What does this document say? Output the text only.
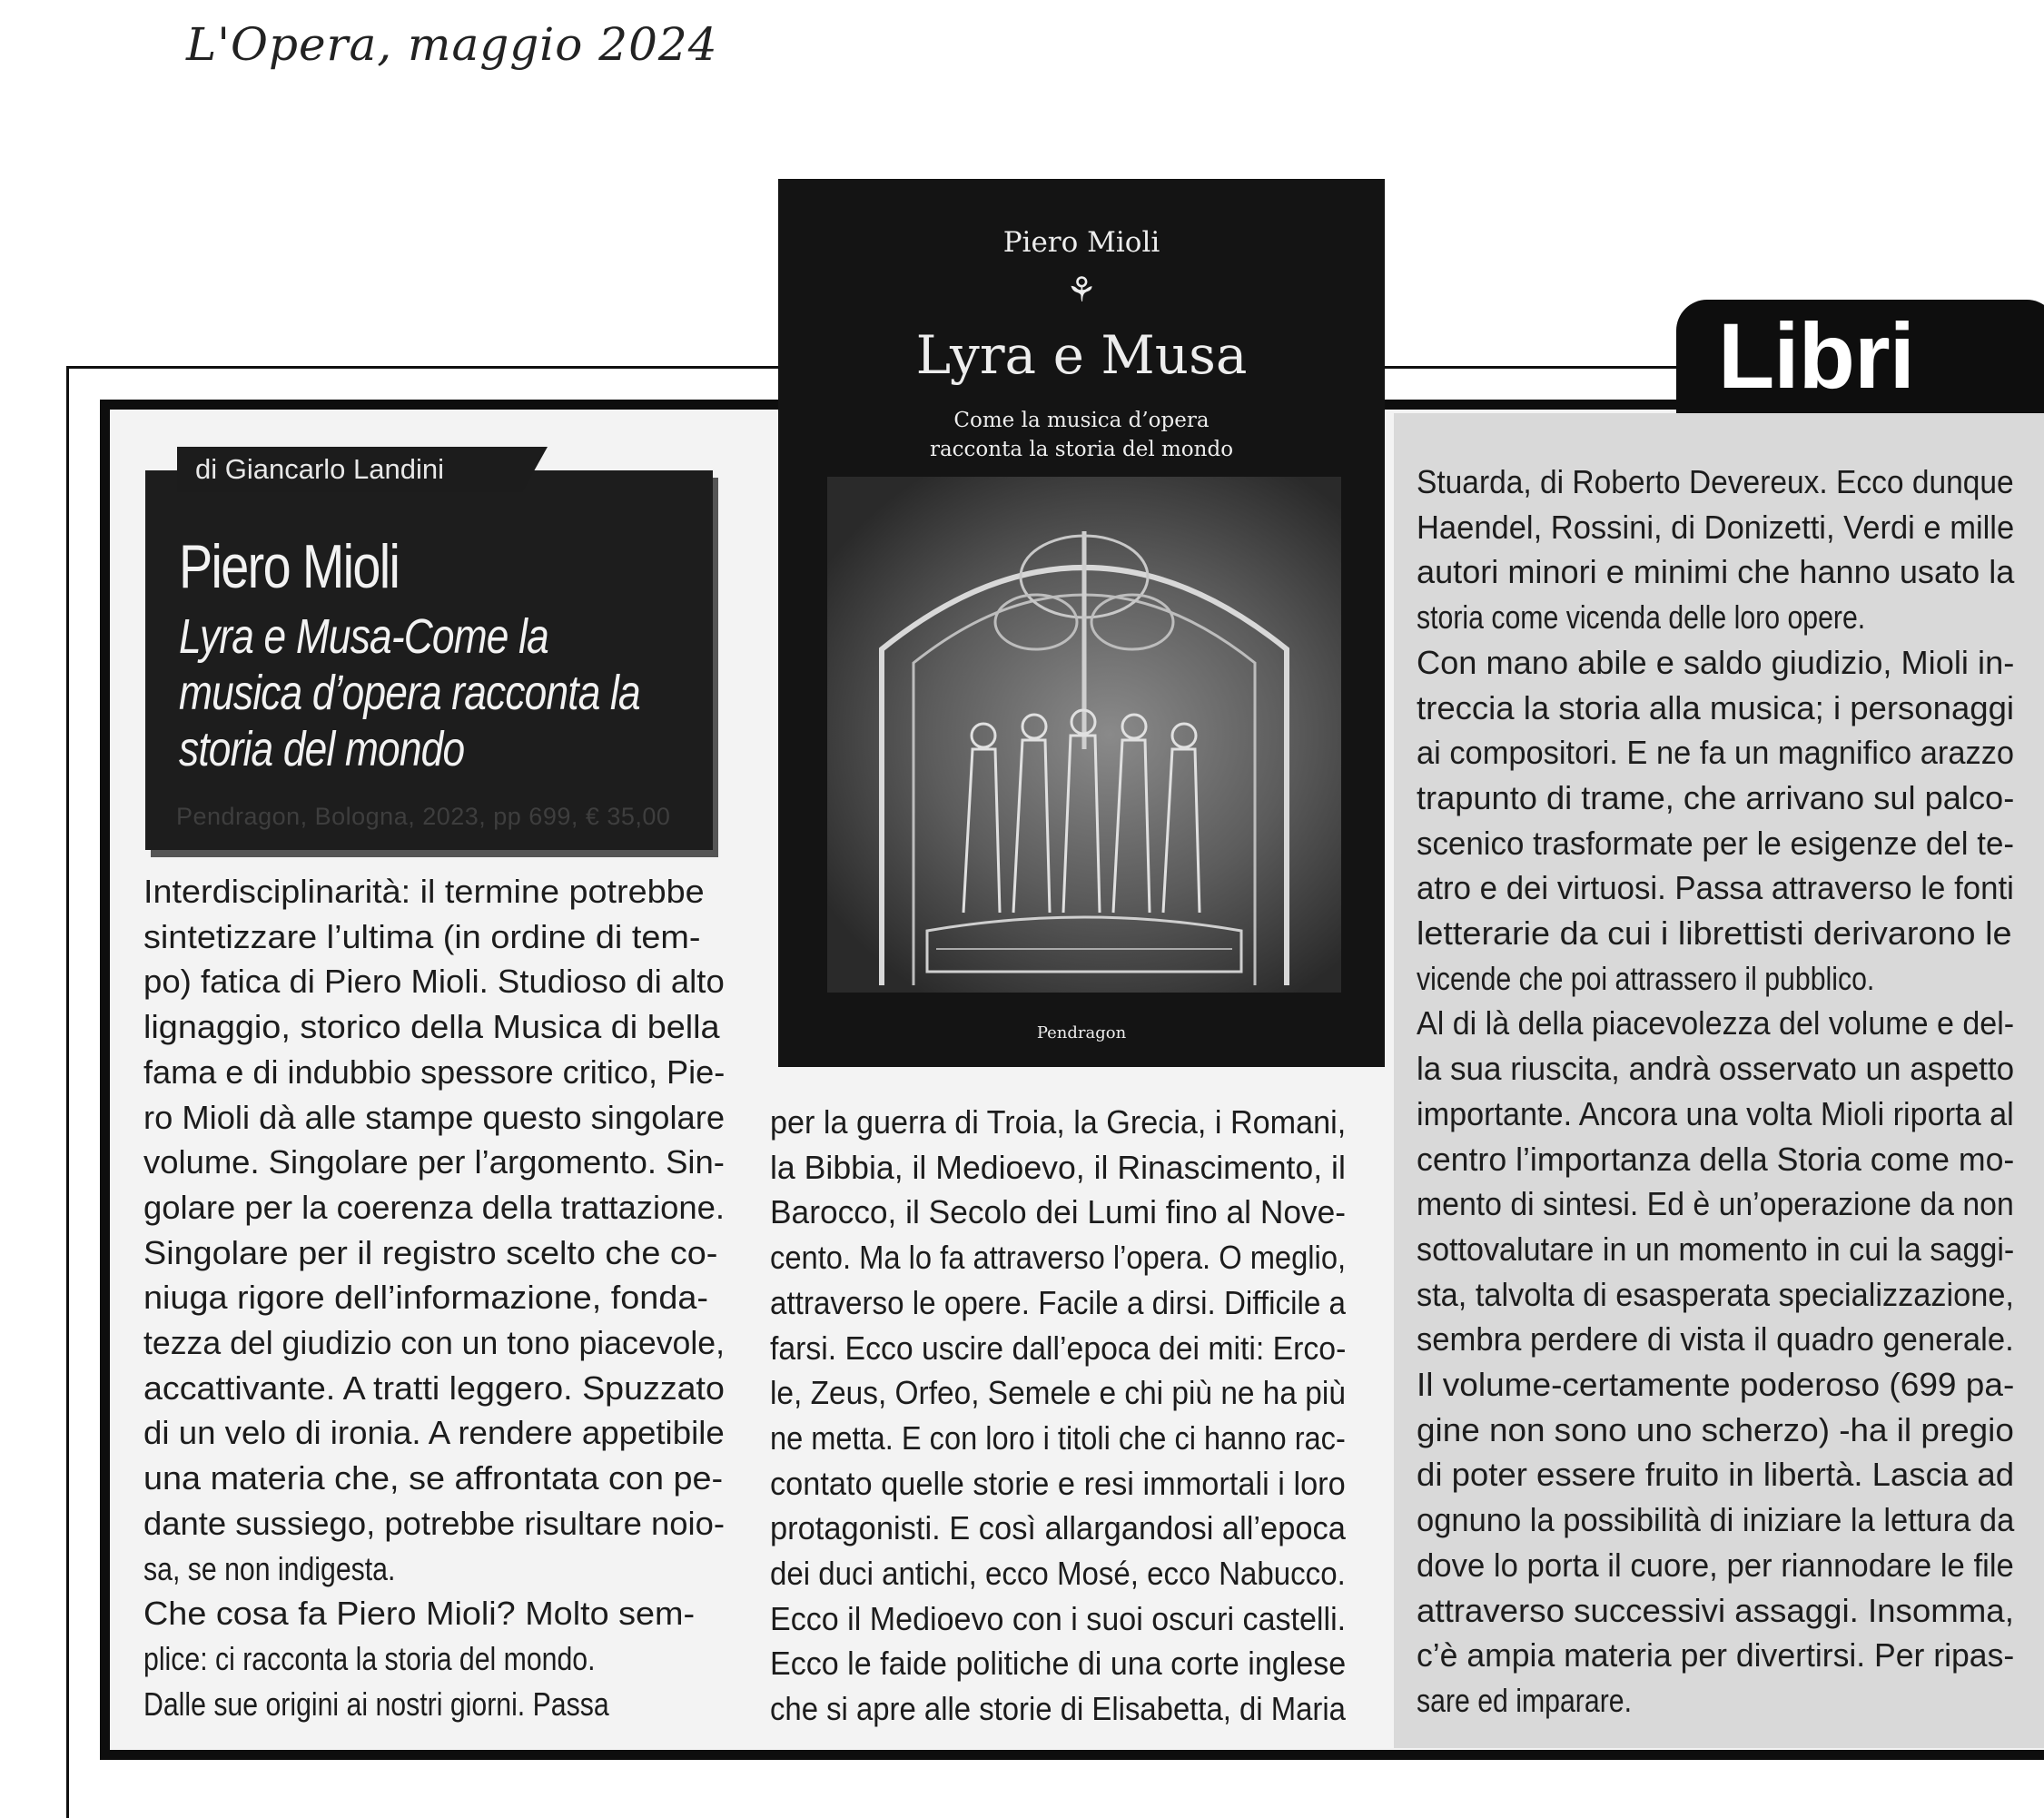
L'Opera, maggio 2024
Libri
di Giancarlo Landini
Piero Mioli
Lyra e Musa-Come la
musica d’opera racconta la
storia del mondo
Pendragon, Bologna, 2023, pp 699, € 35,00
Piero Mioli
⚘
Lyra e Musa
Come la musica d’opera
racconta la storia del mondo
Pendragon
Interdisciplinarità: il termine potrebbe
sintetizzare l’ultima (in ordine di tem-
po) fatica di Piero Mioli. Studioso di alto
lignaggio, storico della Musica di bella
fama e di indubbio spessore critico, Pie-
ro Mioli dà alle stampe questo singolare
volume. Singolare per l’argomento. Sin-
golare per la coerenza della trattazione.
Singolare per il registro scelto che co-
niuga rigore dell’informazione, fonda-
tezza del giudizio con un tono piacevole,
accattivante. A tratti leggero. Spuzzato
di un velo di ironia. A rendere appetibile
una materia che, se affrontata con pe-
dante sussiego, potrebbe risultare noio-
sa, se non indigesta.
Che cosa fa Piero Mioli? Molto sem-
plice: ci racconta la storia del mondo.
Dalle sue origini ai nostri giorni. Passa
per la guerra di Troia, la Grecia, i Romani,
la Bibbia, il Medioevo, il Rinascimento, il
Barocco, il Secolo dei Lumi fino al Nove-
cento. Ma lo fa attraverso l’opera. O meglio,
attraverso le opere. Facile a dirsi. Difficile a
farsi. Ecco uscire dall’epoca dei miti: Erco-
le, Zeus, Orfeo, Semele e chi più ne ha più
ne metta. E con loro i titoli che ci hanno rac-
contato quelle storie e resi immortali i loro
protagonisti. E così allargandosi all’epoca
dei duci antichi, ecco Mosé, ecco Nabucco.
Ecco il Medioevo con i suoi oscuri castelli.
Ecco le faide politiche di una corte inglese
che si apre alle storie di Elisabetta, di Maria
Stuarda, di Roberto Devereux. Ecco dunque
Haendel, Rossini, di Donizetti, Verdi e mille
autori minori e minimi che hanno usato la
storia come vicenda delle loro opere.
Con mano abile e saldo giudizio, Mioli in-
treccia la storia alla musica; i personaggi
ai compositori. E ne fa un magnifico arazzo
trapunto di trame, che arrivano sul palco-
scenico trasformate per le esigenze del te-
atro e dei virtuosi. Passa attraverso le fonti
letterarie da cui i librettisti derivarono le
vicende che poi attrassero il pubblico.
Al di là della piacevolezza del volume e del-
la sua riuscita, andrà osservato un aspetto
importante. Ancora una volta Mioli riporta al
centro l’importanza della Storia come mo-
mento di sintesi. Ed è un’operazione da non
sottovalutare in un momento in cui la saggi-
sta, talvolta di esasperata specializzazione,
sembra perdere di vista il quadro generale.
Il volume-certamente poderoso (699 pa-
gine non sono uno scherzo) -ha il pregio
di poter essere fruito in libertà. Lascia ad
ognuno la possibilità di iniziare la lettura da
dove lo porta il cuore, per riannodare le file
attraverso successivi assaggi. Insomma,
c’è ampia materia per divertirsi. Per ripas-
sare ed imparare.
